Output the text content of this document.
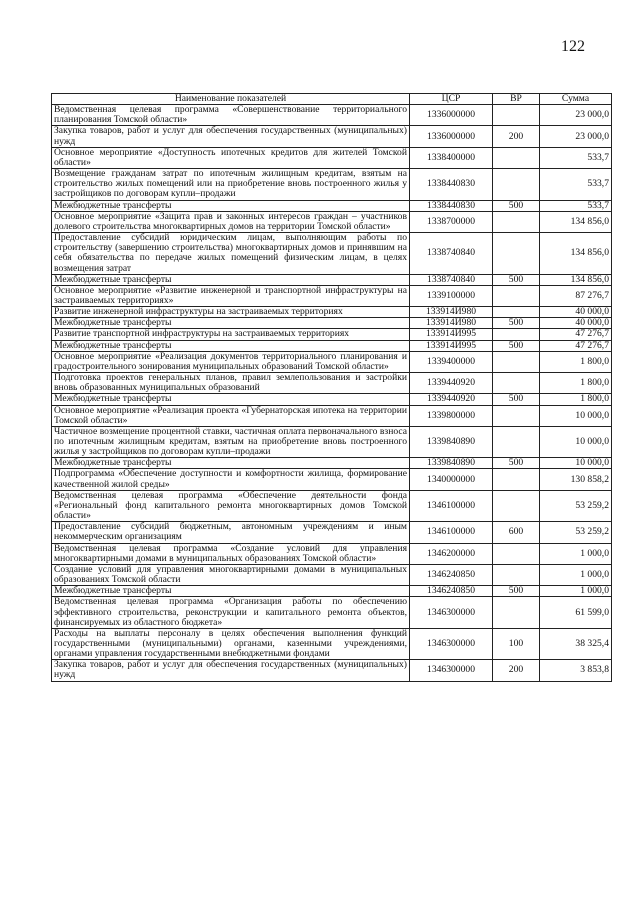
122
Наименование показателей	ЦСР	ВР	Сумма
Ведомственная целевая программа «Совершенствование территориального планирования Томской области»	1336000000		23 000,0
Закупка товаров, работ и услуг для обеспечения государственных (муниципальных) нужд	1336000000	200	23 000,0
Основное мероприятие «Доступность ипотечных кредитов для жителей Томской области»	1338400000		533,7
Возмещение гражданам затрат по ипотечным жилищным кредитам, взятым на строительство жилых помещений или на приобретение вновь построенного жилья у застройщиков по договорам купли–продажи	1338440830		533,7
Межбюджетные трансферты	1338440830	500	533,7
Основное мероприятие «Защита прав и законных интересов граждан – участников долевого строительства многоквартирных домов на территории Томской области»	1338700000		134 856,0
Предоставление субсидий юридическим лицам, выполняющим работы по строительству (завершению строительства) многоквартирных домов и принявшим на себя обязательства по передаче жилых помещений физическим лицам, в целях возмещения затрат	1338740840		134 856,0
Межбюджетные трансферты	1338740840	500	134 856,0
Основное мероприятие «Развитие инженерной и транспортной инфраструктуры на застраиваемых территориях»	1339100000		87 276,7
Развитие инженерной инфраструктуры на застраиваемых территориях	133914И980		40 000,0
Межбюджетные трансферты	133914И980	500	40 000,0
Развитие транспортной инфраструктуры на застраиваемых территориях	133914И995		47 276,7
Межбюджетные трансферты	133914И995	500	47 276,7
Основное мероприятие «Реализация документов территориального планирования и градостроительного зонирования муниципальных образований Томской области»	1339400000		1 800,0
Подготовка проектов генеральных планов, правил землепользования и застройки вновь образованных муниципальных образований	1339440920		1 800,0
Межбюджетные трансферты	1339440920	500	1 800,0
Основное мероприятие «Реализация проекта «Губернаторская ипотека на территории Томской области»	1339800000		10 000,0
Частичное возмещение процентной ставки, частичная оплата первоначального взноса по ипотечным жилищным кредитам, взятым на приобретение вновь построенного жилья у застройщиков по договорам купли–продажи	1339840890		10 000,0
Межбюджетные трансферты	1339840890	500	10 000,0
Подпрограмма «Обеспечение доступности и комфортности жилища, формирование качественной жилой среды»	1340000000		130 858,2
Ведомственная целевая программа «Обеспечение деятельности фонда «Региональный фонд капитального ремонта многоквартирных домов Томской области»	1346100000		53 259,2
Предоставление субсидий бюджетным, автономным учреждениям и иным некоммерческим организациям	1346100000	600	53 259,2
Ведомственная целевая программа «Создание условий для управления многоквартирными домами в муниципальных образованиях Томской области»	1346200000		1 000,0
Создание условий для управления многоквартирными домами в муниципальных образованиях Томской области	1346240850		1 000,0
Межбюджетные трансферты	1346240850	500	1 000,0
Ведомственная целевая программа «Организация работы по обеспечению эффективного строительства, реконструкции и капитального ремонта объектов, финансируемых из областного бюджета»	1346300000		61 599,0
Расходы на выплаты персоналу в целях обеспечения выполнения функций государственными (муниципальными) органами, казенными учреждениями, органами управления государственными внебюджетными фондами	1346300000	100	38 325,4
Закупка товаров, работ и услуг для обеспечения государственных (муниципальных) нужд	1346300000	200	3 853,8
